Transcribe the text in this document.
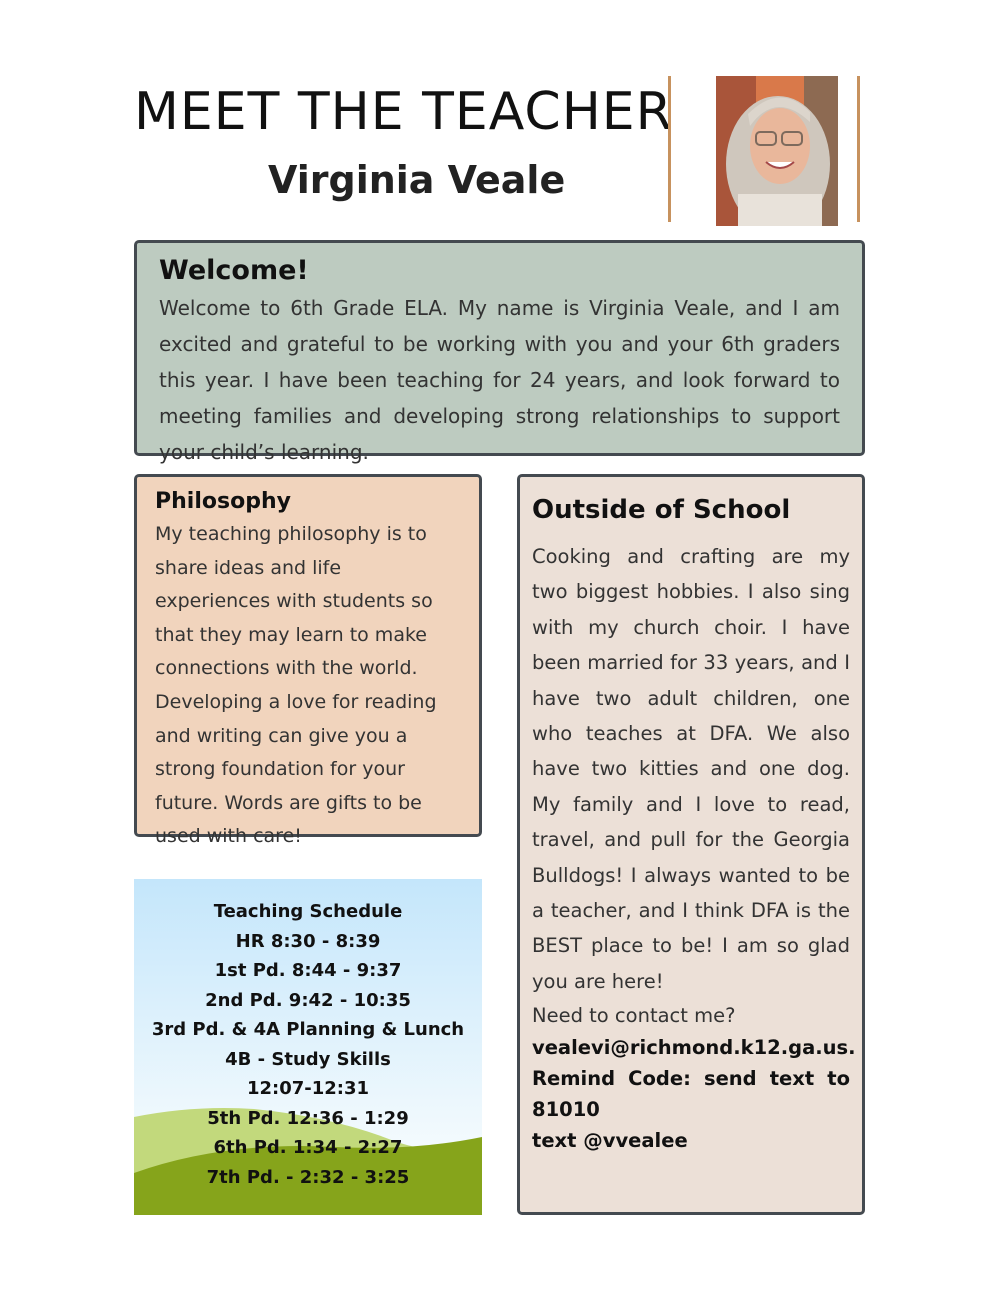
MEET THE TEACHER
Virginia Veale
Welcome!

Welcome to 6th Grade ELA. My name is Virginia Veale, and I am excited and grateful to be working with you and your 6th graders this year. I have been teaching for 24 years, and look forward to meeting families and developing strong relationships to support your child’s learning.

Philosophy

My teaching philosophy is to share ideas and life experiences with students so that they may learn to make connections with the world. Developing a love for reading and writing can give you a strong foundation for your future. Words are gifts to be used with care!

Outside of School

Cooking and crafting are my two biggest hobbies. I also sing with my church choir. I have been married for 33 years, and I have two adult children, one who teaches at DFA. We also have two kitties and one dog. My family and I love to read, travel, and pull for the Georgia Bulldogs! I always wanted to be a teacher, and I think DFA is the BEST place to be! I am so glad you are here!

Need to contact me?

vealevi@richmond.k12.ga.us.

Remind Code: send text to 81010

text @vvealee

Teaching Schedule
HR 8:30 - 8:39
1st Pd. 8:44 - 9:37
2nd Pd. 9:42 - 10:35
3rd Pd. & 4A Planning & Lunch
4B - Study Skills
12:07-12:31
5th Pd. 12:36 - 1:29
6th Pd. 1:34 - 2:27
7th Pd. - 2:32 - 3:25
